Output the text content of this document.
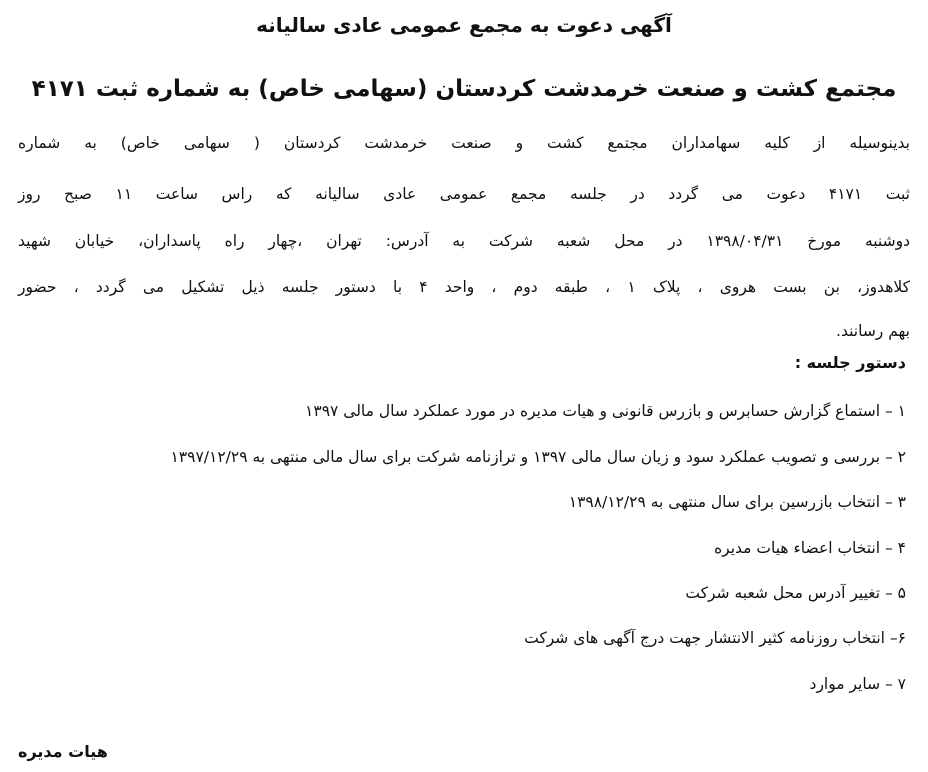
آگهی دعوت به مجمع عمومی عادی سالیانه
مجتمع کشت و صنعت خرمدشت کردستان (سهامی خاص) به شماره ثبت ۴۱۷۱
بدینوسیله از کلیه سهامداران مجتمع کشت و صنعت خرمدشت کردستان ( سهامی خاص) به شماره
ثبت ۴۱۷۱ دعوت می گردد در جلسه مجمع عمومی عادی سالیانه که راس ساعت ۱۱ صبح روز
دوشنبه مورخ ۱۳۹۸/۰۴/۳۱ در محل شعبه شرکت به آدرس: تهران ،چهار راه پاسداران، خیابان شهید
کلاهدوز، بن بست هروی ، پلاک ۱ ، طبقه دوم ، واحد ۴ با دستور جلسه ذیل تشکیل می گردد ، حضور
بهم رسانند.
دستور جلسه :
۱ – استماع گزارش حسابرس و بازرس قانونی و هیات مدیره در مورد عملکرد سال مالی ۱۳۹۷
۲ – بررسی و تصویب عملکرد سود و زیان سال مالی ۱۳۹۷ و ترازنامه شرکت برای سال مالی منتهی به ۱۳۹۷/۱۲/۲۹
۳ – انتخاب بازرسین برای سال منتهی به ۱۳۹۸/۱۲/۲۹
۴ – انتخاب اعضاء هیات مدیره
۵ – تغییر آدرس محل شعبه شرکت
۶– انتخاب روزنامه کثیر الانتشار جهت درج آگهی های شرکت
۷ – سایر موارد
هیات مدیره
